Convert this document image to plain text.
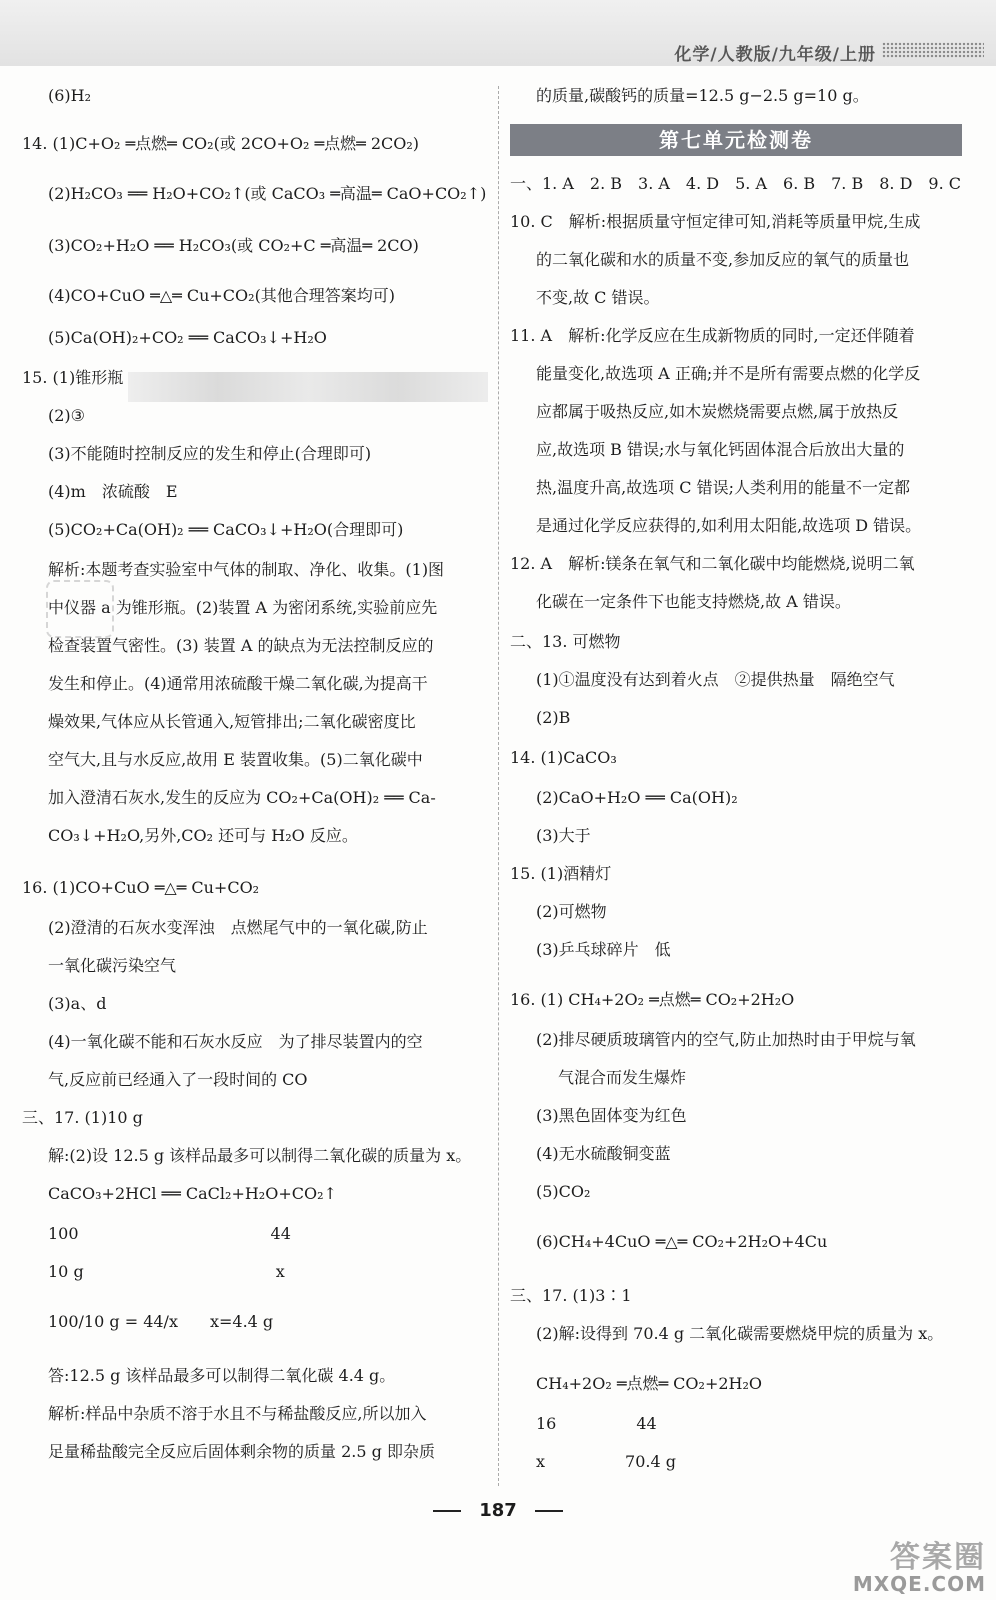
化学/人教版/九年级/上册
(6)H₂
14. (1)C+O₂ ═点燃═ CO₂(或 2CO+O₂ ═点燃═ 2CO₂)
(2)H₂CO₃ ══ H₂O+CO₂↑(或 CaCO₃ ═高温═ CaO+CO₂↑)
(3)CO₂+H₂O ══ H₂CO₃(或 CO₂+C ═高温═ 2CO)
(4)CO+CuO ═△═ Cu+CO₂(其他合理答案均可)
(5)Ca(OH)₂+CO₂ ══ CaCO₃↓+H₂O
15. (1)锥形瓶
(2)③
(3)不能随时控制反应的发生和停止(合理即可)
(4)m　浓硫酸　E
(5)CO₂+Ca(OH)₂ ══ CaCO₃↓+H₂O(合理即可)
解析:本题考查实验室中气体的制取、净化、收集。(1)图
中仪器 a 为锥形瓶。(2)装置 A 为密闭系统,实验前应先
检查装置气密性。(3) 装置 A 的缺点为无法控制反应的
发生和停止。(4)通常用浓硫酸干燥二氧化碳,为提高干
燥效果,气体应从长管通入,短管排出;二氧化碳密度比
空气大,且与水反应,故用 E 装置收集。(5)二氧化碳中
加入澄清石灰水,发生的反应为 CO₂+Ca(OH)₂ ══ Ca-
CO₃↓+H₂O,另外,CO₂ 还可与 H₂O 反应。
16. (1)CO+CuO ═△═ Cu+CO₂
(2)澄清的石灰水变浑浊　点燃尾气中的一氧化碳,防止
一氧化碳污染空气
(3)a、d
(4)一氧化碳不能和石灰水反应　为了排尽装置内的空
气,反应前已经通入了一段时间的 CO
三、17. (1)10 g
解:(2)设 12.5 g 该样品最多可以制得二氧化碳的质量为 x。
CaCO₃+2HCl ══ CaCl₂+H₂O+CO₂↑
100　　　　　　　　　　　　44
10 g　　　　　　　　　　　　x
100/10 g = 44/x　　x=4.4 g
答:12.5 g 该样品最多可以制得二氧化碳 4.4 g。
解析:样品中杂质不溶于水且不与稀盐酸反应,所以加入
足量稀盐酸完全反应后固体剩余物的质量 2.5 g 即杂质
第七单元检测卷
的质量,碳酸钙的质量=12.5 g−2.5 g=10 g。
一、1. A　2. B　3. A　4. D　5. A　6. B　7. B　8. D　9. C
10. C　解析:根据质量守恒定律可知,消耗等质量甲烷,生成
的二氧化碳和水的质量不变,参加反应的氧气的质量也
不变,故 C 错误。
11. A　解析:化学反应在生成新物质的同时,一定还伴随着
能量变化,故选项 A 正确;并不是所有需要点燃的化学反
应都属于吸热反应,如木炭燃烧需要点燃,属于放热反
应,故选项 B 错误;水与氧化钙固体混合后放出大量的
热,温度升高,故选项 C 错误;人类利用的能量不一定都
是通过化学反应获得的,如利用太阳能,故选项 D 错误。
12. A　解析:镁条在氧气和二氧化碳中均能燃烧,说明二氧
化碳在一定条件下也能支持燃烧,故 A 错误。
二、13. 可燃物
(1)①温度没有达到着火点　②提供热量　隔绝空气
(2)B
14. (1)CaCO₃
(2)CaO+H₂O ══ Ca(OH)₂
(3)大于
15. (1)酒精灯
(2)可燃物
(3)乒乓球碎片　低
16. (1) CH₄+2O₂ ═点燃═ CO₂+2H₂O
(2)排尽硬质玻璃管内的空气,防止加热时由于甲烷与氧
气混合而发生爆炸
(3)黑色固体变为红色
(4)无水硫酸铜变蓝
(5)CO₂
(6)CH₄+4CuO ═△═ CO₂+2H₂O+4Cu
三、17. (1)3∶1
(2)解:设得到 70.4 g 二氧化碳需要燃烧甲烷的质量为 x。
CH₄+2O₂ ═点燃═ CO₂+2H₂O
16　　　　　44
x　　　　　70.4 g
187
答案圈
MXQE.COM
